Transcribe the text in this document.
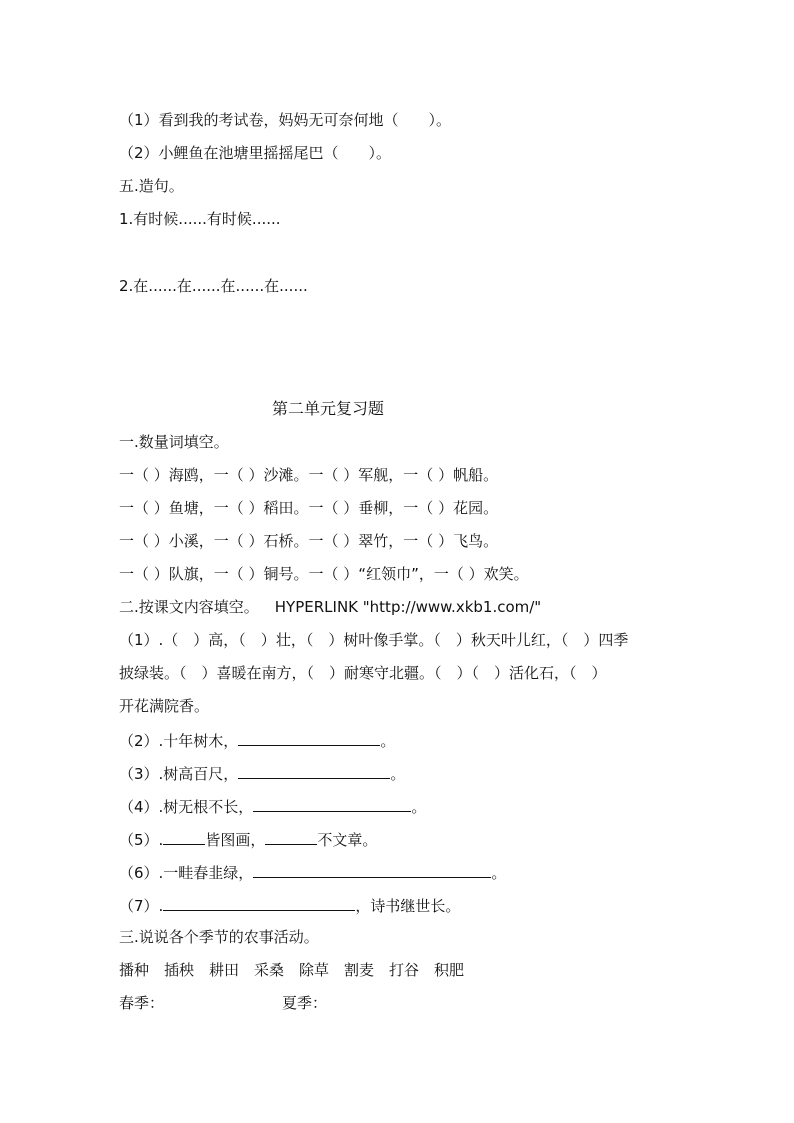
（1）看到我的考试卷，妈妈无可奈何地（　　）。
（2）小鲤鱼在池塘里摇摇尾巴（　　）。
五.造句。
1.有时候......有时候......
2.在......在......在......在......
第二单元复习题
一.数量词填空。
一（ ）海鸥，一（ ）沙滩。一（ ）军舰，一（ ）帆船。
一（ ）鱼塘，一（ ）稻田。一（ ）垂柳，一（ ）花园。
一（ ）小溪，一（ ）石桥。一（ ）翠竹，一（ ）飞鸟。
一（ ）队旗，一（ ）铜号。一（ ）“红领巾”，一（ ）欢笑。
二.按课文内容填空。 HYPERLINK "http://www.xkb1.com/"
（1）.（　）高，（　）壮，（　）树叶像手掌。（　）秋天叶儿红，（　）四季
披绿装。（　）喜暖在南方，（　）耐寒守北疆。（　）（　）活化石，（　）
开花满院香。
（2）.十年树木，	。
（3）.树高百尺，	。
（4）.树无根不长，	。
（5）.	皆图画，	不文章。
（6）.一畦春韭绿，	。
（7）.	，诗书继世长。
三.说说各个季节的农事活动。
播种　插秧　耕田　采桑　除草　割麦　打谷　积肥
春季：	夏季：
